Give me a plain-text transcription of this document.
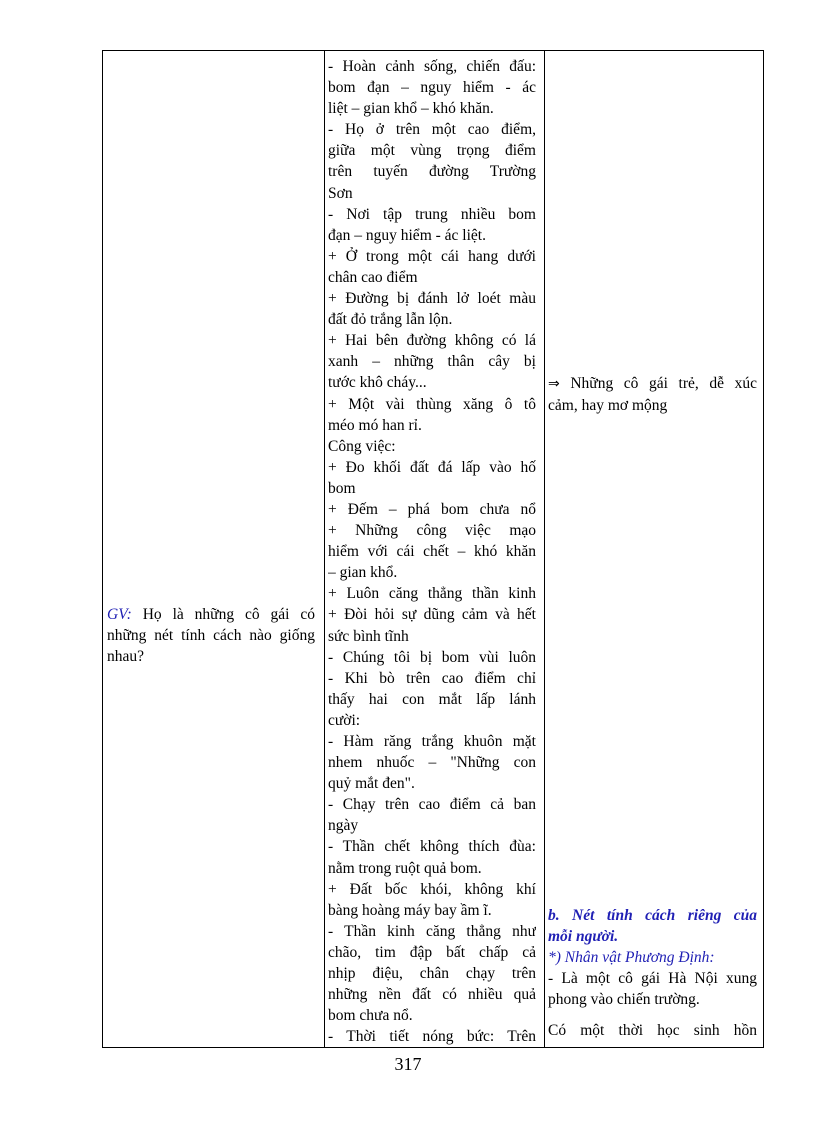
GV: Họ là những cô gái có những nét tính cách nào giống nhau?
- Hoàn cảnh sống, chiến đấu:
bom đạn – nguy hiểm - ác
liệt – gian khổ – khó khăn.
- Họ ở trên một cao điểm,
giữa một vùng trọng điểm
trên tuyến đường Trường
Sơn
- Nơi tập trung nhiều bom
đạn – nguy hiểm - ác liệt.
+ Ở trong một cái hang dưới
chân cao điểm
+ Đường bị đánh lở loét màu
đất đỏ trắng lẫn lộn.
+ Hai bên đường không có lá
xanh – những thân cây bị
tước khô cháy...
+ Một vài thùng xăng ô tô
méo mó han rỉ.
Công việc:
+ Đo khối đất đá lấp vào hố
bom
+ Đếm – phá bom chưa nổ
+ Những công việc mạo
hiểm với cái chết – khó khăn
– gian khổ.
+ Luôn căng thẳng thần kinh
+ Đòi hỏi sự dũng cảm và hết
sức bình tĩnh
- Chúng tôi bị bom vùi luôn
- Khi bò trên cao điểm chỉ
thấy hai con mắt lấp lánh
cười:
- Hàm răng trắng khuôn mặt
nhem nhuốc – "Những con
quỷ mắt đen".
- Chạy trên cao điểm cả ban
ngày
- Thần chết không thích đùa:
nằm trong ruột quả bom.
+ Đất bốc khói, không khí
bàng hoàng máy bay ầm ĩ.
- Thần kinh căng thẳng như
chão, tim đập bất chấp cả
nhịp điệu, chân chạy trên
những nền đất có nhiều quả
bom chưa nổ.
- Thời tiết nóng bức: Trên
⇒ Những cô gái trẻ, dễ xúc
cảm, hay mơ mộng
b. Nét tính cách riêng của
mỗi người.
*) Nhân vật Phương Định:
- Là một cô gái Hà Nội xung
phong vào chiến trường.
Có một thời học sinh hồn
317
